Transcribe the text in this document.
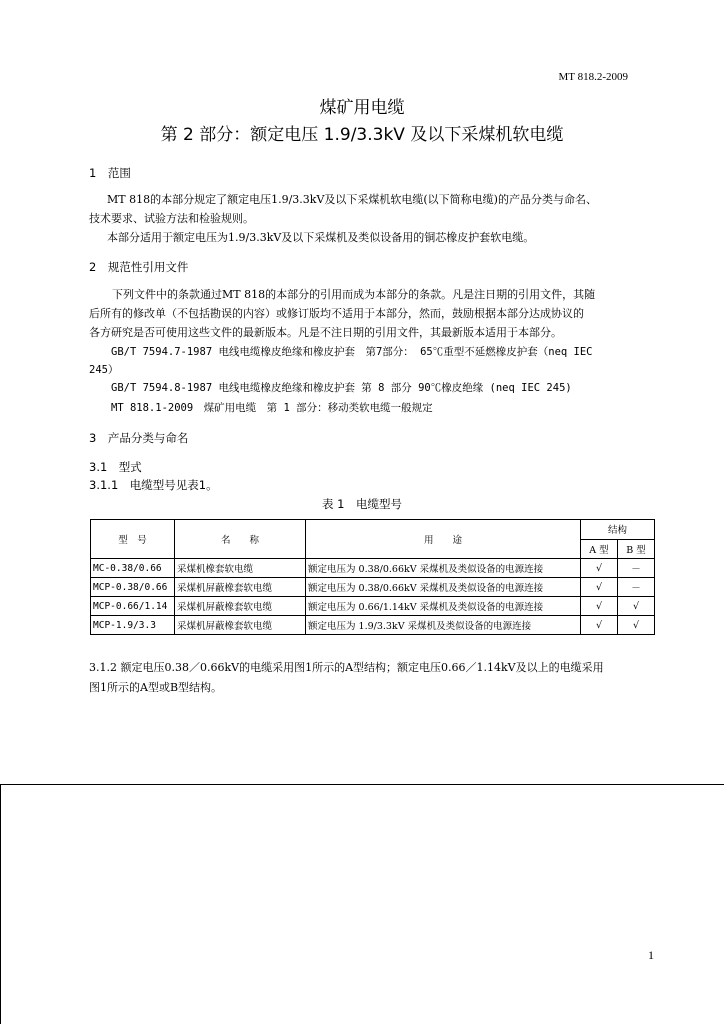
MT 818.2-2009
煤矿用电缆
第 2 部分：额定电压 1.9/3.3kV 及以下采煤机软电缆
1　范围
MT 818的本部分规定了额定电压1.9/3.3kV及以下采煤机软电缆(以下简称电缆)的产品分类与命名、
技术要求、试验方法和检验规则。
本部分适用于额定电压为1.9/3.3kV及以下采煤机及类似设备用的铜芯橡皮护套软电缆。
2　规范性引用文件
下列文件中的条款通过MT 818的本部分的引用而成为本部分的条款。凡是注日期的引用文件，其随
后所有的修改单（不包括勘误的内容）或修订版均不适用于本部分，然而，鼓励根据本部分达成协议的
各方研究是否可使用这些文件的最新版本。凡是不注日期的引用文件，其最新版本适用于本部分。
GB/T 7594.7-1987 电线电缆橡皮绝缘和橡皮护套　第7部分： 65℃重型不延燃橡皮护套（neq IEC
245）
GB/T 7594.8-1987 电线电缆橡皮绝缘和橡皮护套 第 8 部分 90℃橡皮绝缘 (neq IEC 245)
MT 818.1-2009　煤矿用电缆　第 1 部分：移动类软电缆一般规定
3　产品分类与命名
3.1　型式
3.1.1　电缆型号见表1。
表 1　电缆型号
型　号	名　　称	用　　途	结构	
			A 型	B 型
MC-0.38/0.66	采煤机橡套软电缆	额定电压为 0.38/0.66kV 采煤机及类似设备的电源连接	√	－
MCP-0.38/0.66	采煤机屏蔽橡套软电缆	额定电压为 0.38/0.66kV 采煤机及类似设备的电源连接	√	－
MCP-0.66/1.14	采煤机屏蔽橡套软电缆	额定电压为 0.66/1.14kV 采煤机及类似设备的电源连接	√	√
MCP-1.9/3.3	采煤机屏蔽橡套软电缆	额定电压为 1.9/3.3kV 采煤机及类似设备的电源连接	√	√
3.1.2 额定电压0.38／0.66kV的电缆采用图1所示的A型结构；额定电压0.66／1.14kV及以上的电缆采用
图1所示的A型或B型结构。
1
